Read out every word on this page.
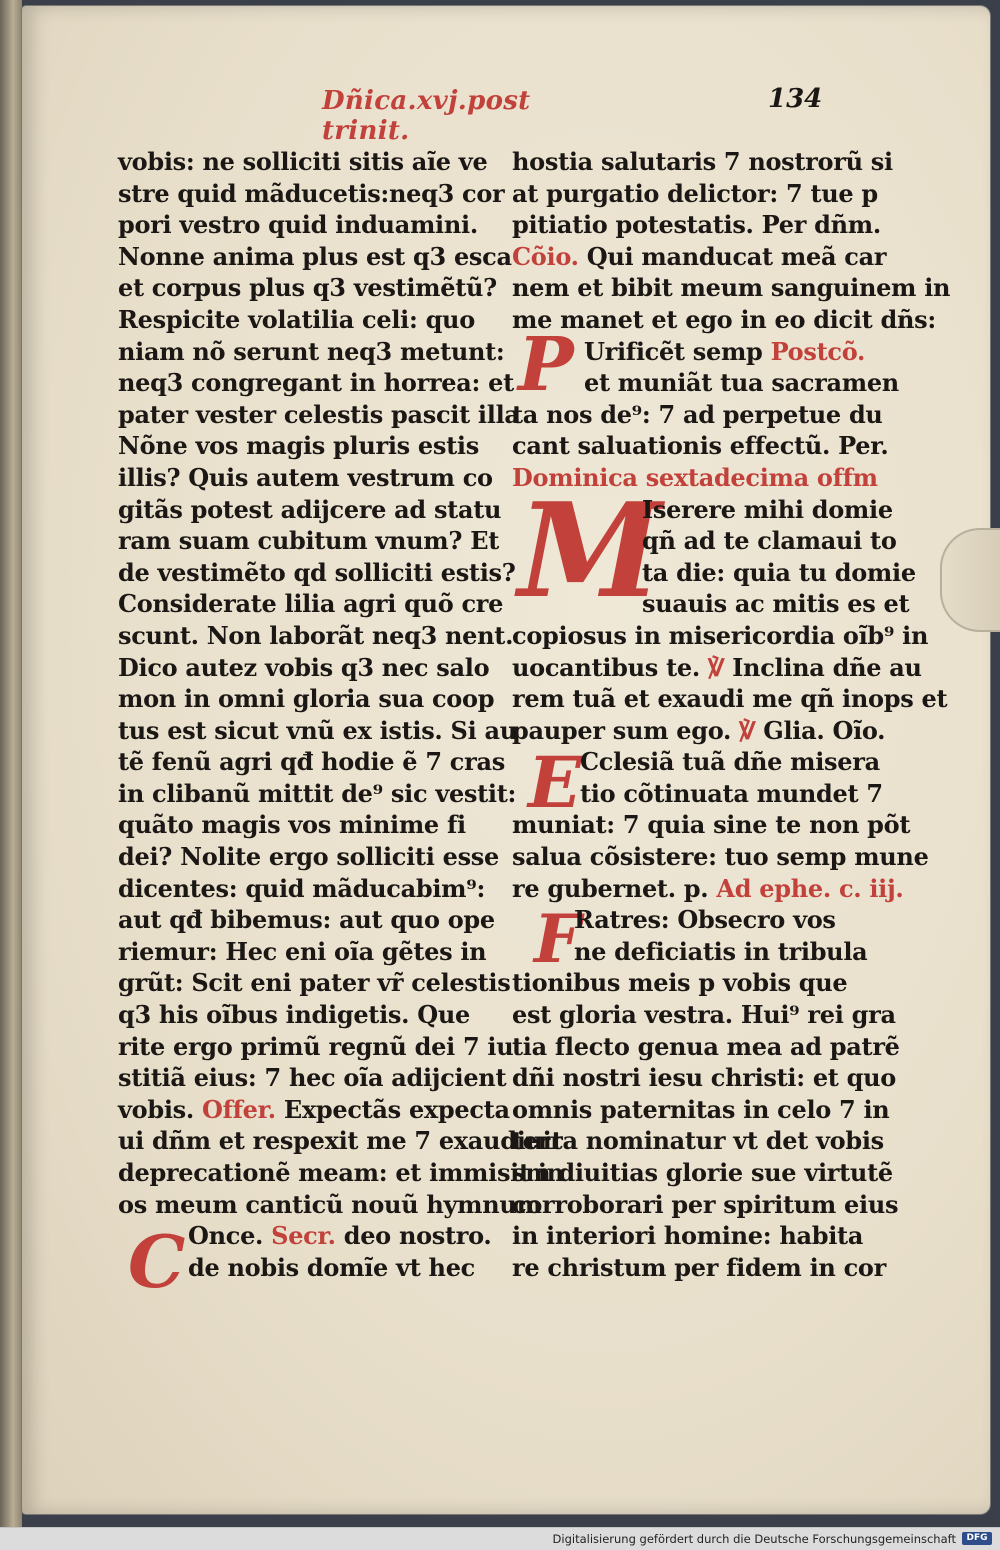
Dñica.xvj.post trinit.
134
P
M
E
F
C
vobis: ne solliciti sitis aĩe ve
stre quid mãducetis:neq3 cor
pori vestro quid induamini.
Nonne anima plus est q3 esca
et corpus plus q3 vestimẽtũ?
Respicite volatilia celi: quo
niam nõ serunt neq3 metunt:
neq3 congregant in horrea: et
pater vester celestis pascit illa
Nõne vos magis pluris estis
illis? Quis autem vestrum co
gitãs potest adijcere ad statu
ram suam cubitum vnum? Et
de vestimẽto qd solliciti estis?
Considerate lilia agri quõ cre
scunt. Non laborãt neq3 nent.
Dico autez vobis q3 nec salo
mon in omni gloria sua coop
tus est sicut vnũ ex istis. Si au
tẽ fenũ agri qđ hodie ẽ 7 cras
in clibanũ mittit de⁹ sic vestit:
quãto magis vos minime fi
dei? Nolite ergo solliciti esse
dicentes: quid mãducabim⁹:
aut qđ bibemus: aut quo ope
riemur: Hec eni oĩa gẽtes in
grũt: Scit eni pater vr̃ celestis
q3 his oĩbus indigetis. Que
rite ergo primũ regnũ dei 7 iu
stitiã eius: 7 hec oĩa adijcient
vobis. Offer. Expectãs expecta
ui dñm et respexit me 7 exaudiuit
deprecationẽ meam: et immisit in
os meum canticũ nouũ hymnum
Once. Secr. deo nostro.
de nobis domĩe vt hec
hostia salutaris 7 nostrorũ si
at purgatio delictor: 7 tue p
pitiatio potestatis. Per dñm.
Cõio. Qui manducat meã car
nem et bibit meum sanguinem in
me manet et ego in eo dicit dñs:
Urificẽt semp Postcõ.
et muniãt tua sacramen
ta nos de⁹: 7 ad perpetue du
cant saluationis effectũ. Per.
Dominica sextadecima offm
Iserere mihi domie
qñ ad te clamaui to
ta die: quia tu domie
suauis ac mitis es et
copiosus in misericordia oĩb⁹ in
uocantibus te. ℣ Inclina dñe au
rem tuã et exaudi me qñ inops et
pauper sum ego. ℣ Glia. Oĩo.
Cclesiã tuã dñe misera
tio cõtinuata mundet 7
muniat: 7 quia sine te non põt
salua cõsistere: tuo semp mune
re gubernet. p. Ad ephe. c. iij.
Ratres: Obsecro vos
ne deficiatis in tribula
tionibus meis p vobis que
est gloria vestra. Hui⁹ rei gra
tia flecto genua mea ad patrẽ
dñi nostri iesu christi: et quo
omnis paternitas in celo 7 in
terra nominatur vt det vobis
sm diuitias glorie sue virtutẽ
corroborari per spiritum eius
in interiori homine: habita
re christum per fidem in cor
Digitalisierung gefördert durch die Deutsche Forschungsgemeinschaft	DFG
